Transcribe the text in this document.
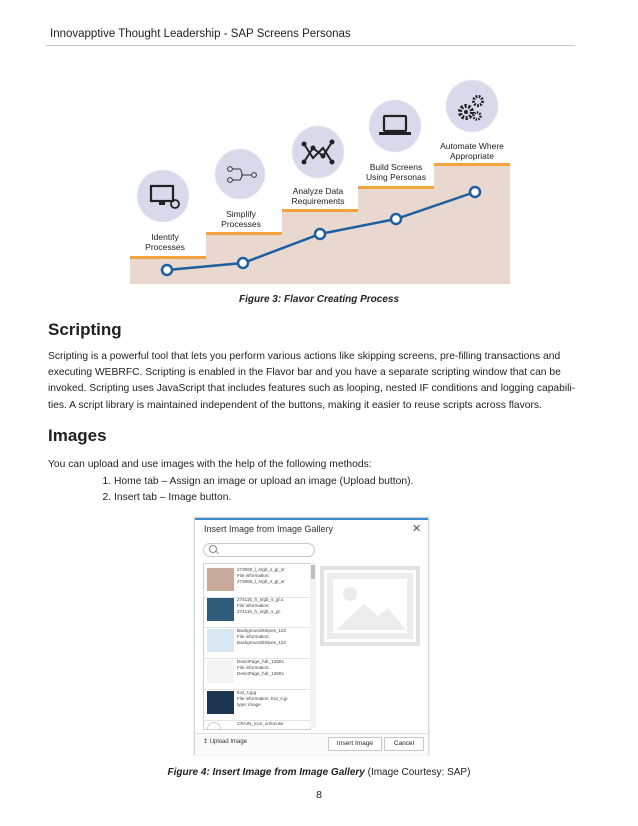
Innovapptive Thought Leadership - SAP Screens Personas
Identify
Processes
Simplify
Processes
Analyze Data
Requirements
Build Screens
Using Personas
Automate Where
Appropriate
Figure 3: Flavor Creating Process
Scripting
Scripting is a powerful tool that lets you perform various actions like skipping screens, pre-filling transactions and executing WEBRFC. Scripting is enabled in the Flavor bar and you have a separate scripting window that can be invoked. Scripting uses JavaScript that includes features such as looping, nested IF conditions and logging capabili-ties. A script library is maintained independent of the buttons, making it easier to reuse scripts across flavors.
Images
You can upload and use images with the help of the following methods:
1. Home tab – Assign an image or upload an image (Upload button).
2. Insert tab – Image button.
Insert Image from Image Gallery	✕
273060_l_srgb_s_gl_sr
File information:
273060_l_srgb_s_gl_sr
274115_h_srgb_s_gl.u
File information:
274115_h_srgb_s_gl.
BackgroundStripes_122
File information:
BackgroundStripes_122
DesctPage_hdr_1280x
File information:
DesctPage_hdr_1280x
Eat_s.jpg
File information: Eat_s.jp
type: image
CRAIN_icon_unfocuse
↥ Upload Image	Insert Image	Cancel
Figure 4: Insert Image from Image Gallery (Image Courtesy: SAP)
8
